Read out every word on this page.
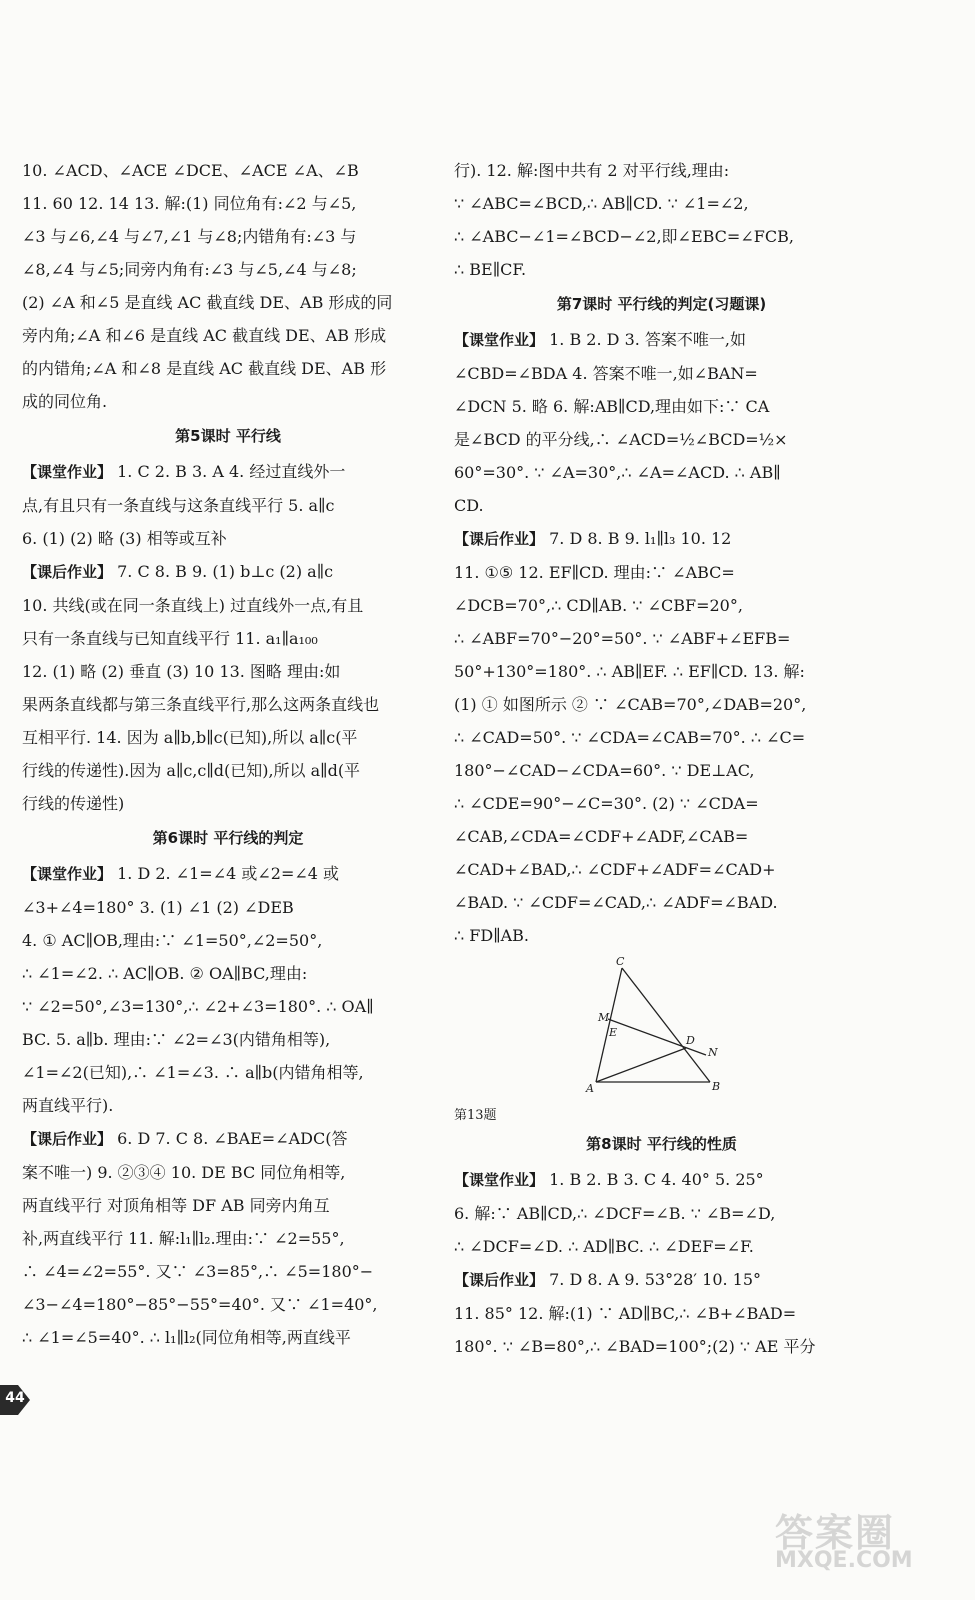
10. ∠ACD、∠ACE ∠DCE、∠ACE ∠A、∠B

11. 60 12. 14 13. 解:(1) 同位角有:∠2 与∠5,

∠3 与∠6,∠4 与∠7,∠1 与∠8;内错角有:∠3 与

∠8,∠4 与∠5;同旁内角有:∠3 与∠5,∠4 与∠8;

(2) ∠A 和∠5 是直线 AC 截直线 DE、AB 形成的同

旁内角;∠A 和∠6 是直线 AC 截直线 DE、AB 形成

的内错角;∠A 和∠8 是直线 AC 截直线 DE、AB 形

成的同位角.

第5课时 平行线

【课堂作业】 1. C 2. B 3. A 4. 经过直线外一

点,有且只有一条直线与这条直线平行 5. a∥c

6. (1) (2) 略 (3) 相等或互补

【课后作业】 7. C 8. B 9. (1) b⊥c (2) a∥c

10. 共线(或在同一条直线上) 过直线外一点,有且

只有一条直线与已知直线平行 11. a₁∥a₁₀₀

12. (1) 略 (2) 垂直 (3) 10 13. 图略 理由:如

果两条直线都与第三条直线平行,那么这两条直线也

互相平行. 14. 因为 a∥b,b∥c(已知),所以 a∥c(平

行线的传递性).因为 a∥c,c∥d(已知),所以 a∥d(平

行线的传递性)

第6课时 平行线的判定

【课堂作业】 1. D 2. ∠1=∠4 或∠2=∠4 或

∠3+∠4=180° 3. (1) ∠1 (2) ∠DEB

4. ① AC∥OB,理由:∵ ∠1=50°,∠2=50°,

∴ ∠1=∠2. ∴ AC∥OB. ② OA∥BC,理由:

∵ ∠2=50°,∠3=130°,∴ ∠2+∠3=180°. ∴ OA∥

BC. 5. a∥b. 理由:∵ ∠2=∠3(内错角相等),

∠1=∠2(已知),∴ ∠1=∠3. ∴ a∥b(内错角相等,

两直线平行).

【课后作业】 6. D 7. C 8. ∠BAE=∠ADC(答

案不唯一) 9. ②③④ 10. DE BC 同位角相等,

两直线平行 对顶角相等 DF AB 同旁内角互

补,两直线平行 11. 解:l₁∥l₂.理由:∵ ∠2=55°,

∴ ∠4=∠2=55°. 又∵ ∠3=85°,∴ ∠5=180°−

∠3−∠4=180°−85°−55°=40°. 又∵ ∠1=40°,

∴ ∠1=∠5=40°. ∴ l₁∥l₂(同位角相等,两直线平

行). 12. 解:图中共有 2 对平行线,理由:

∵ ∠ABC=∠BCD,∴ AB∥CD. ∵ ∠1=∠2,

∴ ∠ABC−∠1=∠BCD−∠2,即∠EBC=∠FCB,

∴ BE∥CF.

第7课时 平行线的判定(习题课)

【课堂作业】 1. B 2. D 3. 答案不唯一,如

∠CBD=∠BDA 4. 答案不唯一,如∠BAN=

∠DCN 5. 略 6. 解:AB∥CD,理由如下:∵ CA

是∠BCD 的平分线,∴ ∠ACD=½∠BCD=½×

60°=30°. ∵ ∠A=30°,∴ ∠A=∠ACD. ∴ AB∥

CD.

【课后作业】 7. D 8. B 9. l₁∥l₃ 10. 12

11. ①⑤ 12. EF∥CD. 理由:∵ ∠ABC=

∠DCB=70°,∴ CD∥AB. ∵ ∠CBF=20°,

∴ ∠ABF=70°−20°=50°. ∵ ∠ABF+∠EFB=

50°+130°=180°. ∴ AB∥EF. ∴ EF∥CD. 13. 解:

(1) ① 如图所示 ② ∵ ∠CAB=70°,∠DAB=20°,

∴ ∠CAD=50°. ∵ ∠CDA=∠CAB=70°. ∴ ∠C=

180°−∠CAD−∠CDA=60°. ∵ DE⊥AC,

∴ ∠CDE=90°−∠C=30°. (2) ∵ ∠CDA=

∠CAB,∠CDA=∠CDF+∠ADF,∠CAB=

∠CAD+∠BAD,∴ ∠CDF+∠ADF=∠CAD+

∠BAD. ∵ ∠CDF=∠CAD,∴ ∠ADF=∠BAD.

∴ FD∥AB.

C
M
E
D
N
A	B

第13题

第8课时 平行线的性质

【课堂作业】 1. B 2. B 3. C 4. 40° 5. 25°

6. 解:∵ AB∥CD,∴ ∠DCF=∠B. ∵ ∠B=∠D,

∴ ∠DCF=∠D. ∴ AD∥BC. ∴ ∠DEF=∠F.

【课后作业】 7. D 8. A 9. 53°28′ 10. 15°

11. 85° 12. 解:(1) ∵ AD∥BC,∴ ∠B+∠BAD=

180°. ∵ ∠B=80°,∴ ∠BAD=100°;(2) ∵ AE 平分

44
答案圈
MXQE.COM
